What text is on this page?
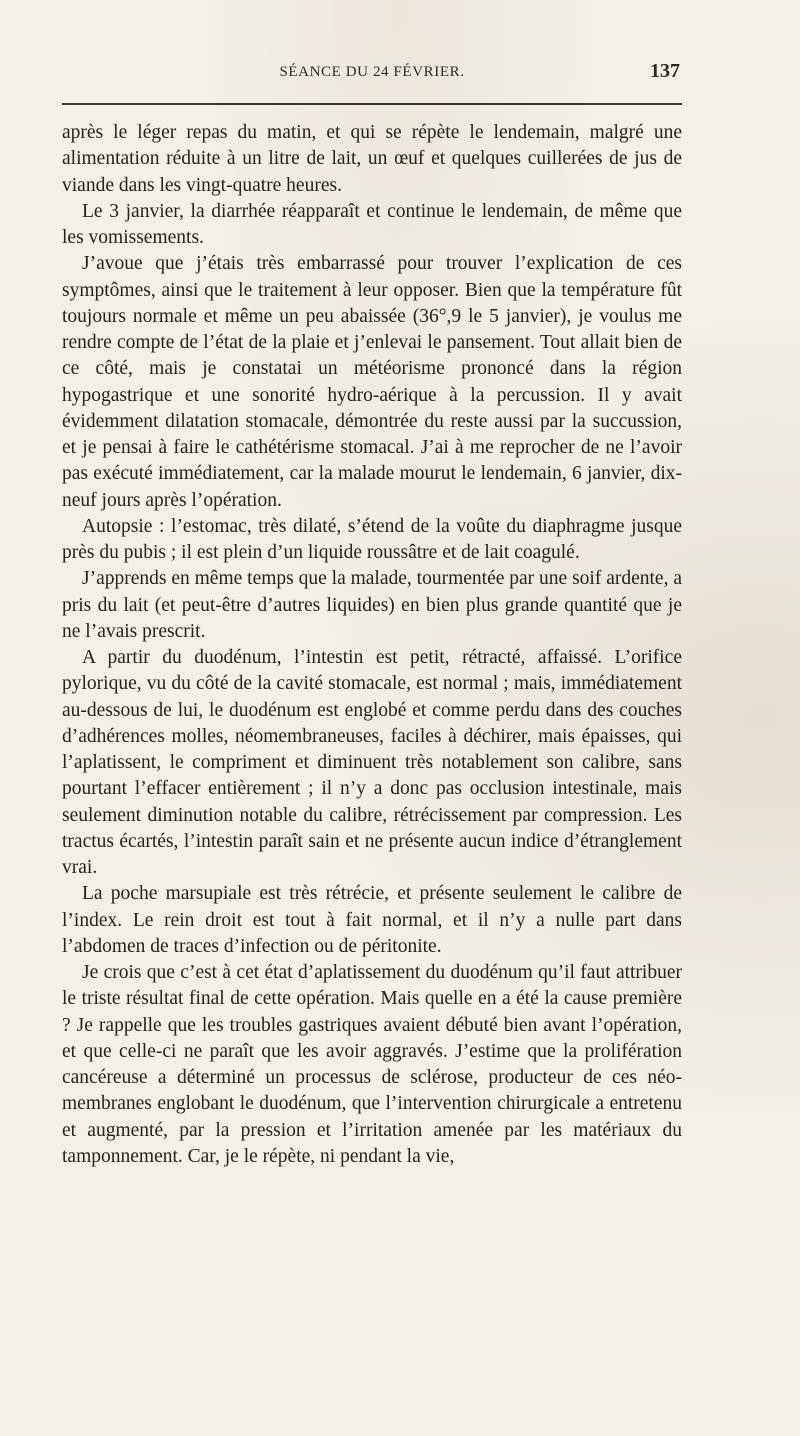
SÉANCE DU 24 FÉVRIER.	137

après le léger repas du matin, et qui se répète le lendemain, malgré une alimentation réduite à un litre de lait, un œuf et quelques cuillerées de jus de viande dans les vingt-quatre heures.

Le 3 janvier, la diarrhée réapparaît et continue le lendemain, de même que les vomissements.

J’avoue que j’étais très embarrassé pour trouver l’explication de ces symptômes, ainsi que le traitement à leur opposer. Bien que la température fût toujours normale et même un peu abaissée (36°,9 le 5 janvier), je voulus me rendre compte de l’état de la plaie et j’enlevai le pansement. Tout allait bien de ce côté, mais je constatai un météorisme prononcé dans la région hypogastrique et une sonorité hydro-aérique à la percussion. Il y avait évidemment dilatation stomacale, démontrée du reste aussi par la succussion, et je pensai à faire le cathétérisme stomacal. J’ai à me reprocher de ne l’avoir pas exécuté immédiatement, car la malade mourut le lendemain, 6 janvier, dix-neuf jours après l’opération.

Autopsie : l’estomac, très dilaté, s’étend de la voûte du diaphragme jusque près du pubis ; il est plein d’un liquide roussâtre et de lait coagulé.

J’apprends en même temps que la malade, tourmentée par une soif ardente, a pris du lait (et peut-être d’autres liquides) en bien plus grande quantité que je ne l’avais prescrit.

A partir du duodénum, l’intestin est petit, rétracté, affaissé. L’orifice pylorique, vu du côté de la cavité stomacale, est normal ; mais, immédiatement au-dessous de lui, le duodénum est englobé et comme perdu dans des couches d’adhérences molles, néomembraneuses, faciles à déchirer, mais épaisses, qui l’aplatissent, le compriment et diminuent très notablement son calibre, sans pourtant l’effacer entièrement ; il n’y a donc pas occlusion intestinale, mais seulement diminution notable du calibre, rétrécissement par compression. Les tractus écartés, l’intestin paraît sain et ne présente aucun indice d’étranglement vrai.

La poche marsupiale est très rétrécie, et présente seulement le calibre de l’index. Le rein droit est tout à fait normal, et il n’y a nulle part dans l’abdomen de traces d’infection ou de péritonite.

Je crois que c’est à cet état d’aplatissement du duodénum qu’il faut attribuer le triste résultat final de cette opération. Mais quelle en a été la cause première ? Je rappelle que les troubles gastriques avaient débuté bien avant l’opération, et que celle-ci ne paraît que les avoir aggravés. J’estime que la prolifération cancéreuse a déterminé un processus de sclérose, producteur de ces néo-membranes englobant le duodénum, que l’intervention chirurgicale a entretenu et augmenté, par la pression et l’irritation amenée par les matériaux du tamponnement. Car, je le répète, ni pendant la vie,
